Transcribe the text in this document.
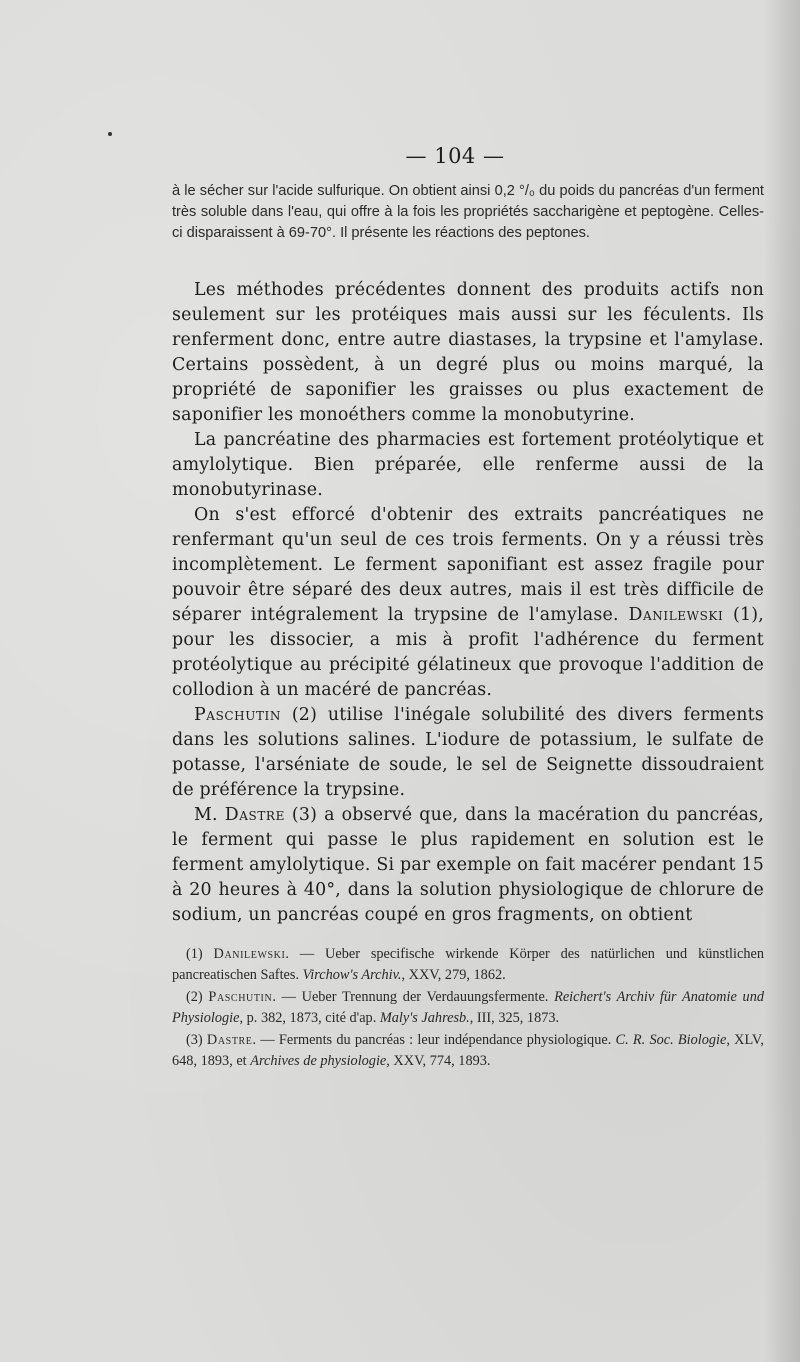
— 104 —
à le sécher sur l'acide sulfurique. On obtient ainsi 0,2 °/₀ du poids du pancréas d'un ferment très soluble dans l'eau, qui offre à la fois les propriétés saccharigène et peptogène. Celles-ci disparaissent à 69-70°. Il présente les réactions des peptones.

Les méthodes précédentes donnent des produits actifs non seulement sur les protéiques mais aussi sur les féculents. Ils renferment donc, entre autre diastases, la trypsine et l'amylase. Certains possèdent, à un degré plus ou moins marqué, la propriété de saponifier les graisses ou plus exactement de saponifier les monoéthers comme la monobutyrine.

La pancréatine des pharmacies est fortement protéolytique et amylolytique. Bien préparée, elle renferme aussi de la monobutyrinase.

On s'est efforcé d'obtenir des extraits pancréatiques ne renfermant qu'un seul de ces trois ferments. On y a réussi très incomplètement. Le ferment saponifiant est assez fragile pour pouvoir être séparé des deux autres, mais il est très difficile de séparer intégralement la trypsine de l'amylase. Danilewski (1), pour les dissocier, a mis à profit l'adhérence du ferment protéolytique au précipité gélatineux que provoque l'addition de collodion à un macéré de pancréas.

Paschutin (2) utilise l'inégale solubilité des divers ferments dans les solutions salines. L'iodure de potassium, le sulfate de potasse, l'arséniate de soude, le sel de Seignette dissoudraient de préférence la trypsine.

M. Dastre (3) a observé que, dans la macération du pancréas, le ferment qui passe le plus rapidement en solution est le ferment amylolytique. Si par exemple on fait macérer pendant 15 à 20 heures à 40°, dans la solution physiologique de chlorure de sodium, un pancréas coupé en gros fragments, on obtient

(1) Danilewski. — Ueber specifische wirkende Körper des natürlichen und künstlichen pancreatischen Saftes. Virchow's Archiv., XXV, 279, 1862.

(2) Paschutin. — Ueber Trennung der Verdauungsfermente. Reichert's Archiv für Anatomie und Physiologie, p. 382, 1873, cité d'ap. Maly's Jahresb., III, 325, 1873.

(3) Dastre. — Ferments du pancréas : leur indépendance physiologique. C. R. Soc. Biologie, XLV, 648, 1893, et Archives de physiologie, XXV, 774, 1893.
